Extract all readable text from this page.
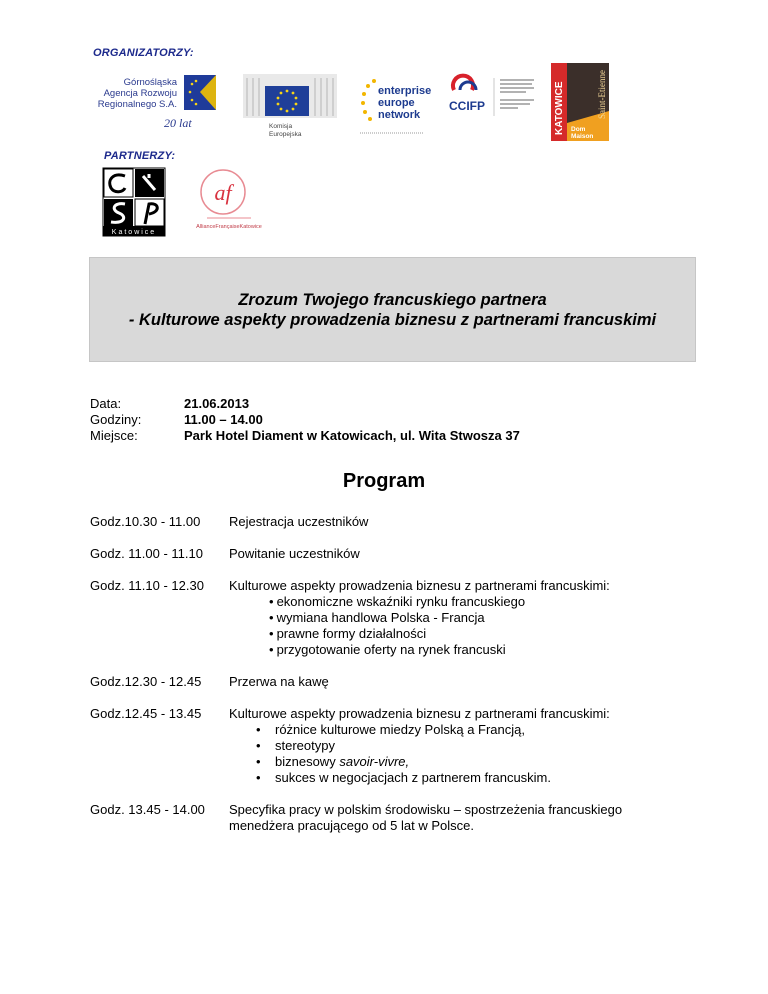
ORGANIZATORZY:
PARTNERZY:
Górnośląska
Agencja Rozwoju
Regionalnego S.A.
20 lat	Komisja
Europejska
enterprise
europe
network
CCIFP	KATOWICE	Saint-Etienne
Dom
Maison
Katowice
af
AllianceFrançaiseKatowice
Zrozum Twojego francuskiego partnera
- Kulturowe aspekty prowadzenia biznesu z partnerami francuskimi
Data:	21.06.2013
Godziny:	11.00 – 14.00
Miejsce:	Park Hotel Diament w Katowicach, ul. Wita Stwosza 37
Program
Godz.10.30 - 11.00	Rejestracja uczestników
Godz. 11.00 - 11.10	Powitanie uczestników
Godz. 11.10 - 12.30	Kulturowe aspekty prowadzenia biznesu z partnerami francuskimi:
• ekonomiczne wskaźniki rynku francuskiego
• wymiana handlowa Polska - Francja
• prawne formy działalności
• przygotowanie oferty na rynek francuski
Godz.12.30 - 12.45	Przerwa na kawę
Godz.12.45 - 13.45	Kulturowe aspekty prowadzenia biznesu z partnerami francuskimi:
• różnice kulturowe miedzy Polską a Francją,
• stereotypy
• biznesowy savoir-vivre,
• sukces w negocjacjach z partnerem francuskim.
Godz. 13.45 - 14.00	Specyfika pracy w polskim środowisku – spostrzeżenia francuskiego
menedżera pracującego od 5 lat w Polsce.
